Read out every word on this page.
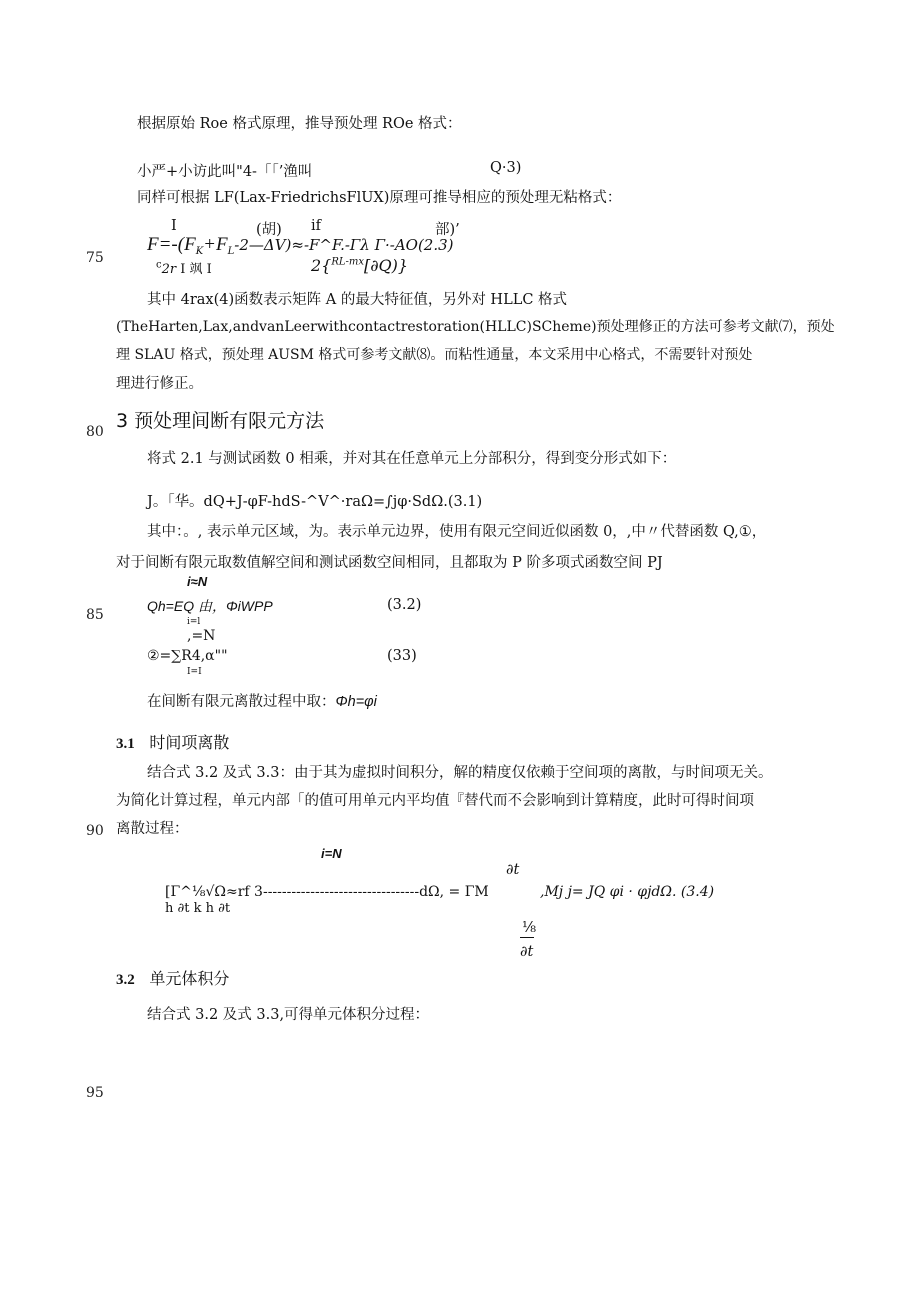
75
80
85
90
95
根据原始 Roe 格式原理，推导预处理 ROe 格式：
小严+小访此叫"4-「「’渔叫	Q·3)
同样可根据 LF(Lax-FriedrichsFlUX)原理可推导相应的预处理无粘格式：
I	(胡) if	部)’
$F=-(F_K+F_L-2—\Delta V)\approx-F\^{}F.-\Gamma\lambda$ Γ·-AO(2.3)
$^c$2r I 飒 I	2{$^{RL-mx}$[∂Q)}
其中 4rax(4)函数表示矩阵 A 的最大特征值，另外对 HLLC 格式
(TheHarten,Lax,andvanLeerwithcontactrestoration(HLLC)SCheme)预处理修正的方法可参考文献⑺，预处
理 SLAU 格式，预处理 AUSM 格式可参考文献⑻。而粘性通量，本文采用中心格式，不需要针对预处
理进行修正。
3 预处理间断有限元方法
将式 2.1 与测试函数 0 相乘，并对其在任意单元上分部积分，得到变分形式如下：
J。「华。dQ+J-φF-hdS-^V^·raΩ=∫jφ·SdΩ.(3.1)
其中：。, 表示单元区域，为。表示单元边界，使用有限元空间近似函数 0，,中〃代替函数 Q,①，
对于间断有限元取数值解空间和测试函数空间相同，且都取为 P 阶多项式函数空间 PJ
i≈N
Qh=EQ 由，ΦiWPP
i=l
(3.2)
,=N
②=∑R4,α""
I=I
(33)
在间断有限元离散过程中取：Φh=φi
3.1 时间项离散
结合式 3.2 及式 3.3：由于其为虚拟时间积分，解的精度仅依赖于空间项的离散，与时间项无关。
为简化计算过程，单元内部「的值可用单元内平均值『替代而不会影响到计算精度，此时可得时间项
离散过程：
i=N
∂t
[Γ^⅛√Ω≈rf 3---------------------------------dΩ, = ΓM	,Mj j= JQ φi · φjdΩ. (3.4)
h ∂t k h ∂t
⅛
∂t
3.2 单元体积分
结合式 3.2 及式 3.3,可得单元体积分过程：
